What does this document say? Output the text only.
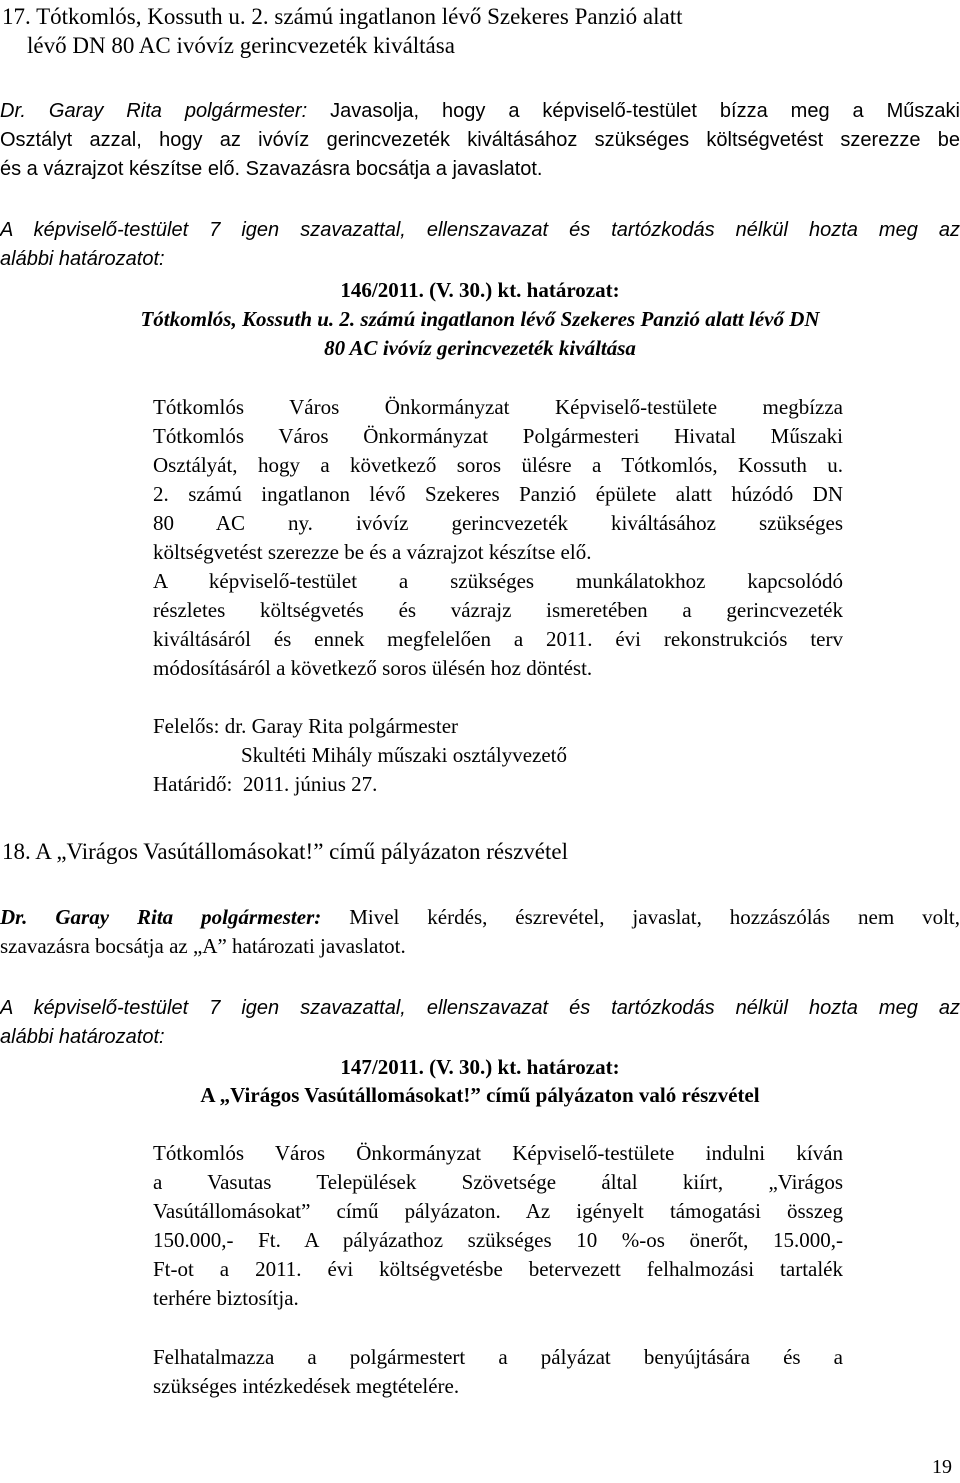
17. Tótkomlós, Kossuth u. 2. számú ingatlanon lévő Szekeres Panzió alatt
lévő DN 80 AC ivóvíz gerincvezeték kiváltása
Dr. Garay Rita polgármester: Javasolja, hogy a képviselő-testület bízza meg a Műszaki
Osztályt azzal, hogy az ivóvíz gerincvezeték kiváltásához szükséges költségvetést szerezze be
és a vázrajzot készítse elő. Szavazásra bocsátja a javaslatot.
A képviselő-testület 7 igen szavazattal, ellenszavazat és tartózkodás nélkül hozta meg az
alábbi határozatot:
146/2011. (V. 30.) kt. határozat:
Tótkomlós, Kossuth u. 2. számú ingatlanon lévő Szekeres Panzió alatt lévő DN
80 AC ivóvíz gerincvezeték kiváltása
Tótkomlós Város Önkormányzat Képviselő-testülete megbízza
Tótkomlós Város Önkormányzat Polgármesteri Hivatal Műszaki
Osztályát, hogy a következő soros ülésre a Tótkomlós, Kossuth u.
2. számú ingatlanon lévő Szekeres Panzió épülete alatt húzódó DN
80 AC ny. ivóvíz gerincvezeték kiváltásához szükséges
költségvetést szerezze be és a vázrajzot készítse elő.
A képviselő-testület a szükséges munkálatokhoz kapcsolódó
részletes költségvetés és vázrajz ismeretében a gerincvezeték
kiváltásáról és ennek megfelelően a 2011. évi rekonstrukciós terv
módosításáról a következő soros ülésén hoz döntést.
Felelős: dr. Garay Rita polgármester
Skultéti Mihály műszaki osztályvezető
Határidő: 2011. június 27.
18. A „Virágos Vasútállomásokat!” című pályázaton részvétel
Dr. Garay Rita polgármester: Mivel kérdés, észrevétel, javaslat, hozzászólás nem volt,
szavazásra bocsátja az „A” határozati javaslatot.
A képviselő-testület 7 igen szavazattal, ellenszavazat és tartózkodás nélkül hozta meg az
alábbi határozatot:
147/2011. (V. 30.) kt. határozat:
A „Virágos Vasútállomásokat!” című pályázaton való részvétel
Tótkomlós Város Önkormányzat Képviselő-testülete indulni kíván
a Vasutas Települések Szövetsége által kiírt, „Virágos
Vasútállomásokat” című pályázaton. Az igényelt támogatási összeg
150.000,- Ft. A pályázathoz szükséges 10 %-os önerőt, 15.000,-
Ft-ot a 2011. évi költségvetésbe betervezett felhalmozási tartalék
terhére biztosítja.
Felhatalmazza a polgármestert a pályázat benyújtására és a
szükséges intézkedések megtételére.
19
